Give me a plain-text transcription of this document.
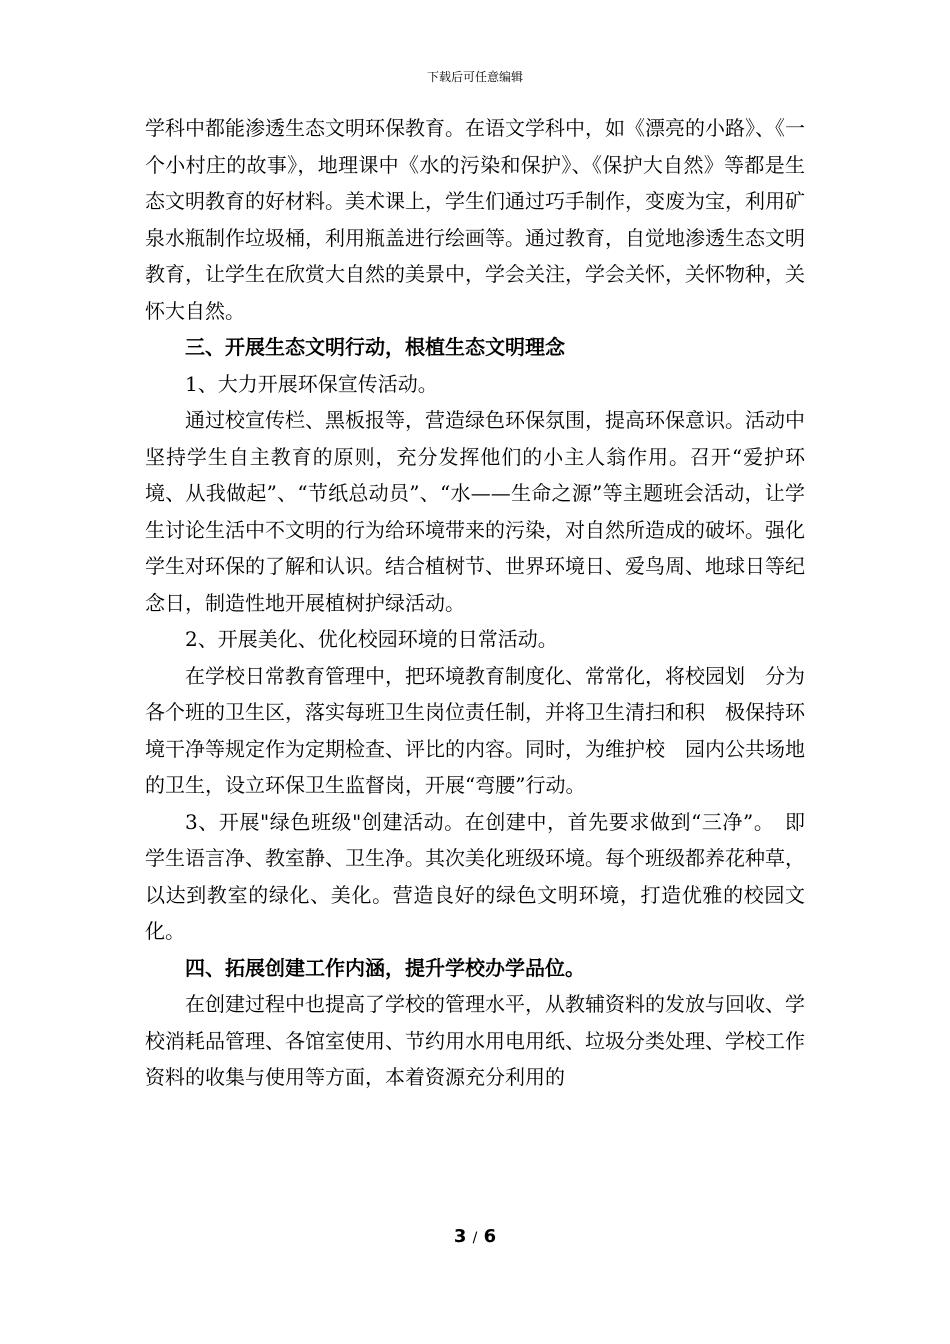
下载后可任意编辑

学科中都能渗透生态文明环保教育。在语文学科中，如《漂亮的小路》、《一个小村庄的故事》，地理课中《水的污染和保护》、《保护大自然》等都是生态文明教育的好材料。美术课上，学生们通过巧手制作，变废为宝，利用矿泉水瓶制作垃圾桶，利用瓶盖进行绘画等。通过教育，自觉地渗透生态文明教育，让学生在欣赏大自然的美景中，学会关注，学会关怀，关怀物种，关怀大自然。

三、开展生态文明行动，根植生态文明理念

1、大力开展环保宣传活动。

通过校宣传栏、黑板报等，营造绿色环保氛围，提高环保意识。活动中坚持学生自主教育的原则，充分发挥他们的小主人翁作用。召开“爱护环境、从我做起”、“节纸总动员”、“水——生命之源”等主题班会活动，让学生讨论生活中不文明的行为给环境带来的污染，对自然所造成的破坏。强化学生对环保的了解和认识。结合植树节、世界环境日、爱鸟周、地球日等纪念日，制造性地开展植树护绿活动。

2、开展美化、优化校园环境的日常活动。

在学校日常教育管理中，把环境教育制度化、常常化，将校园划　分为各个班的卫生区，落实每班卫生岗位责任制，并将卫生清扫和积　极保持环境干净等规定作为定期检查、评比的内容。同时，为维护校　园内公共场地的卫生，设立环保卫生监督岗，开展“弯腰”行动。

3、开展"绿色班级"创建活动。在创建中，首先要求做到“三净”。　即学生语言净、教室静、卫生净。其次美化班级环境。每个班级都养花种草，以达到教室的绿化、美化。营造良好的绿色文明环境，打造优雅的校园文化。

四、拓展创建工作内涵，提升学校办学品位。

在创建过程中也提高了学校的管理水平，从教辅资料的发放与回收、学校消耗品管理、各馆室使用、节约用水用电用纸、垃圾分类处理、学校工作资料的收集与使用等方面，本着资源充分利用的

3 / 6
